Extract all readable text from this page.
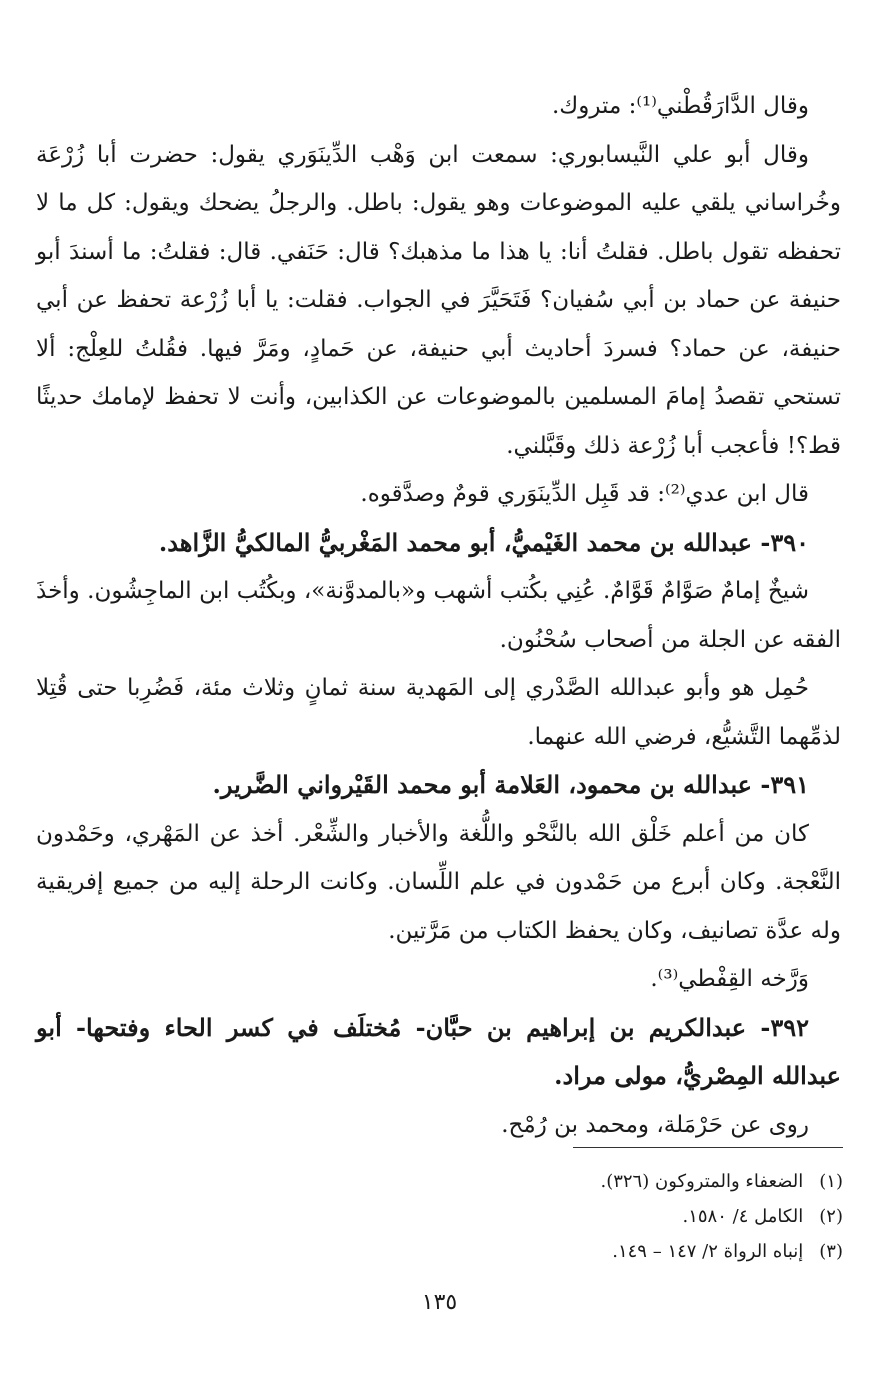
وقال الدَّارَقُطْني⁽¹⁾: متروك.

وقال أبو علي النَّيسابوري: سمعت ابن وَهْب الدِّينَوَري يقول: حضرت أبا زُرْعَة وخُراساني يلقي عليه الموضوعات وهو يقول: باطل. والرجلُ يضحك ويقول: كل ما لا تحفظه تقول باطل. فقلتُ أنا: يا هذا ما مذهبك؟ قال: حَنَفي. قال: فقلتُ: ما أسندَ أبو حنيفة عن حماد بن أبي سُفيان؟ فَتَحَيَّرَ في الجواب. فقلت: يا أبا زُرْعة تحفظ عن أبي حنيفة، عن حماد؟ فسردَ أحاديث أبي حنيفة، عن حَمادٍ، ومَرَّ فيها. فقُلتُ للعِلْج: ألا تستحي تقصدُ إمامَ المسلمين بالموضوعات عن الكذابين، وأنت لا تحفظ لإمامك حديثًا قط؟! فأعجب أبا زُرْعة ذلك وقَبَّلني.

قال ابن عدي⁽²⁾: قد قَبِل الدِّينَوَري قومٌ وصدَّقوه.

٣٩٠- عبدالله بن محمد الغَيْميُّ، أبو محمد المَغْربيُّ المالكيُّ الزَّاهد.

شيخٌ إمامٌ صَوَّامٌ قَوَّامٌ. عُنِي بكُتب أشهب و«بالمدوَّنة»، وبكُتُب ابن الماجِشُون. وأخذَ الفقه عن الجلة من أصحاب سُحْنُون.

حُمِل هو وأبو عبدالله الصَّدْري إلى المَهدية سنة ثمانٍ وثلاث مئة، فَضُرِبا حتى قُتِلا لذمِّهما التَّشيُّع، فرضي الله عنهما.

٣٩١- عبدالله بن محمود، العَلامة أبو محمد القَيْرواني الضَّرير.

كان من أعلم خَلْق الله بالنَّحْو واللُّغة والأخبار والشِّعْر. أخذ عن المَهْري، وحَمْدون النَّعْجة. وكان أبرع من حَمْدون في علم اللِّسان. وكانت الرحلة إليه من جميع إفريقية وله عدَّة تصانيف، وكان يحفظ الكتاب من مَرَّتين.

وَرَّخه القِفْطي⁽³⁾.

٣٩٢- عبدالكريم بن إبراهيم بن حبَّان- مُختلَف في كسر الحاء وفتحها- أبو عبدالله المِصْريُّ، مولى مراد.

روى عن حَرْمَلة، ومحمد بن رُمْح.

(١) الضعفاء والمتروكون (٣٢٦).
(٢) الكامل ٤/ ١٥٨٠.
(٣) إنباه الرواة ٢/ ١٤٧ – ١٤٩.
١٣٥
